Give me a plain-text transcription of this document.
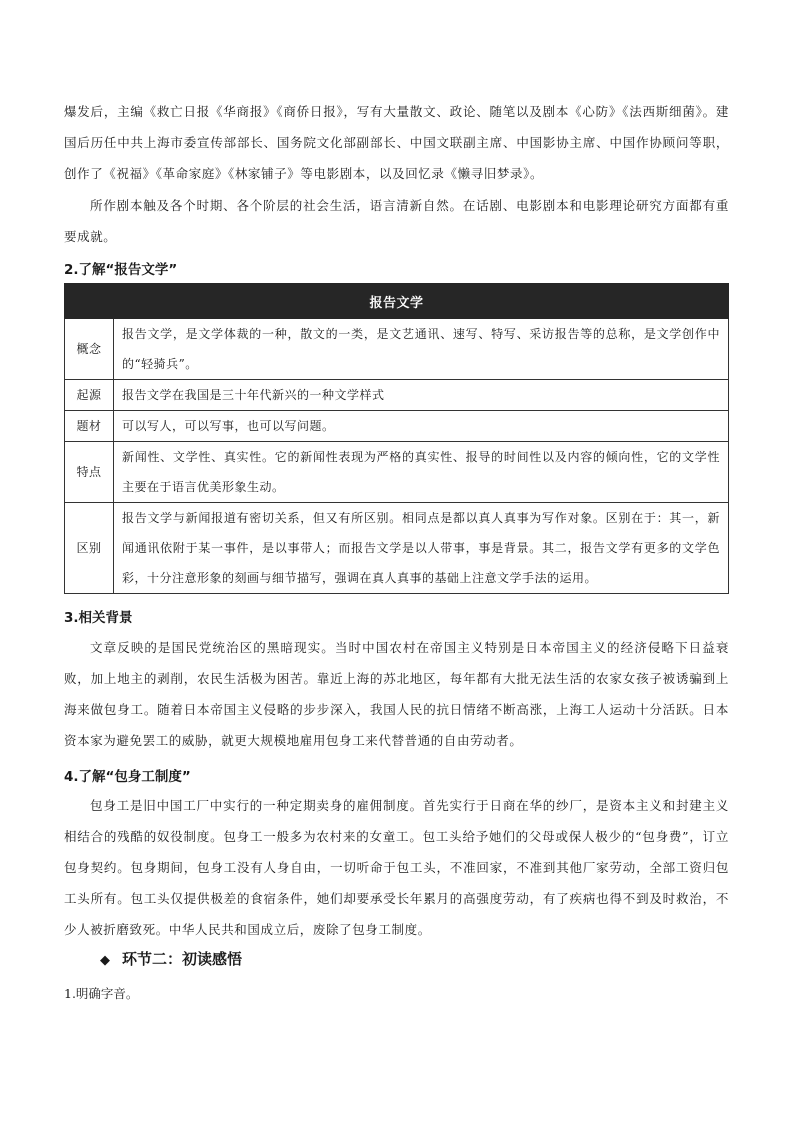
爆发后，主编《救亡日报《华商报》《商侨日报》，写有大量散文、政论、随笔以及剧本《心防》《法西斯细菌》。建国后历任中共上海市委宣传部部长、国务院文化部副部长、中国文联副主席、中国影协主席、中国作协顾问等职，创作了《祝福》《革命家庭》《林家铺子》等电影剧本，以及回忆录《懒寻旧梦录》。

所作剧本触及各个时期、各个阶层的社会生活，语言清新自然。在话剧、电影剧本和电影理论研究方面都有重要成就。

2.了解“报告文学”

报告文学	
概念	报告文学，是文学体裁的一种，散文的一类，是文艺通讯、速写、特写、采访报告等的总称，是文学创作中的“轻骑兵”。
起源	报告文学在我国是三十年代新兴的一种文学样式
题材	可以写人，可以写事，也可以写问题。
特点	新闻性、文学性、真实性。它的新闻性表现为严格的真实性、报导的时间性以及内容的倾向性，它的文学性主要在于语言优美形象生动。
区别	报告文学与新闻报道有密切关系，但又有所区别。相同点是都以真人真事为写作对象。区别在于：其一，新闻通讯依附于某一事件，是以事带人；而报告文学是以人带事，事是背景。其二，报告文学有更多的文学色彩，十分注意形象的刻画与细节描写，强调在真人真事的基础上注意文学手法的运用。

3.相关背景

文章反映的是国民党统治区的黑暗现实。当时中国农村在帝国主义特别是日本帝国主义的经济侵略下日益衰败，加上地主的剥削，农民生活极为困苦。靠近上海的苏北地区，每年都有大批无法生活的农家女孩子被诱骗到上海来做包身工。随着日本帝国主义侵略的步步深入，我国人民的抗日情绪不断高涨，上海工人运动十分活跃。日本资本家为避免罢工的威胁，就更大规模地雇用包身工来代替普通的自由劳动者。

4.了解“包身工制度”

包身工是旧中国工厂中实行的一种定期卖身的雇佣制度。首先实行于日商在华的纱厂，是资本主义和封建主义相结合的残酷的奴役制度。包身工一般多为农村来的女童工。包工头给予她们的父母或保人极少的“包身费”，订立包身契约。包身期间，包身工没有人身自由，一切听命于包工头，不准回家，不准到其他厂家劳动，全部工资归包工头所有。包工头仅提供极差的食宿条件，她们却要承受长年累月的高强度劳动，有了疾病也得不到及时救治，不少人被折磨致死。中华人民共和国成立后，废除了包身工制度。

◆ 环节二：初读感悟
1.明确字音。
